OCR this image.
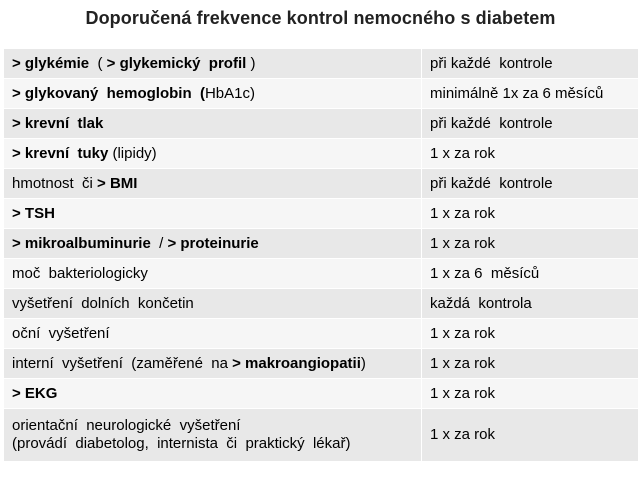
Doporučená frekvence kontrol nemocného s diabetem
> glykémie  ( > glykemický  profil )	při každé  kontrole
> glykovaný  hemoglobin  (HbA1c)	minimálně 1x za 6 měsíců
> krevní  tlak	při každé  kontrole
> krevní  tuky (lipidy)	1 x za rok
hmotnost  či > BMI	při každé  kontrole
> TSH	1 x za rok
> mikroalbuminurie  / > proteinurie	1 x za rok
moč  bakteriologicky	1 x za 6  měsíců
vyšetření  dolních  končetin	každá  kontrola
oční  vyšetření	1 x za rok
interní  vyšetření  (zaměřené  na > makroangiopatii)	1 x za rok
> EKG	1 x za rok
orientační  neurologické  vyšetření
(provádí  diabetolog,  internista  či  praktický  lékař)	1 x za rok
